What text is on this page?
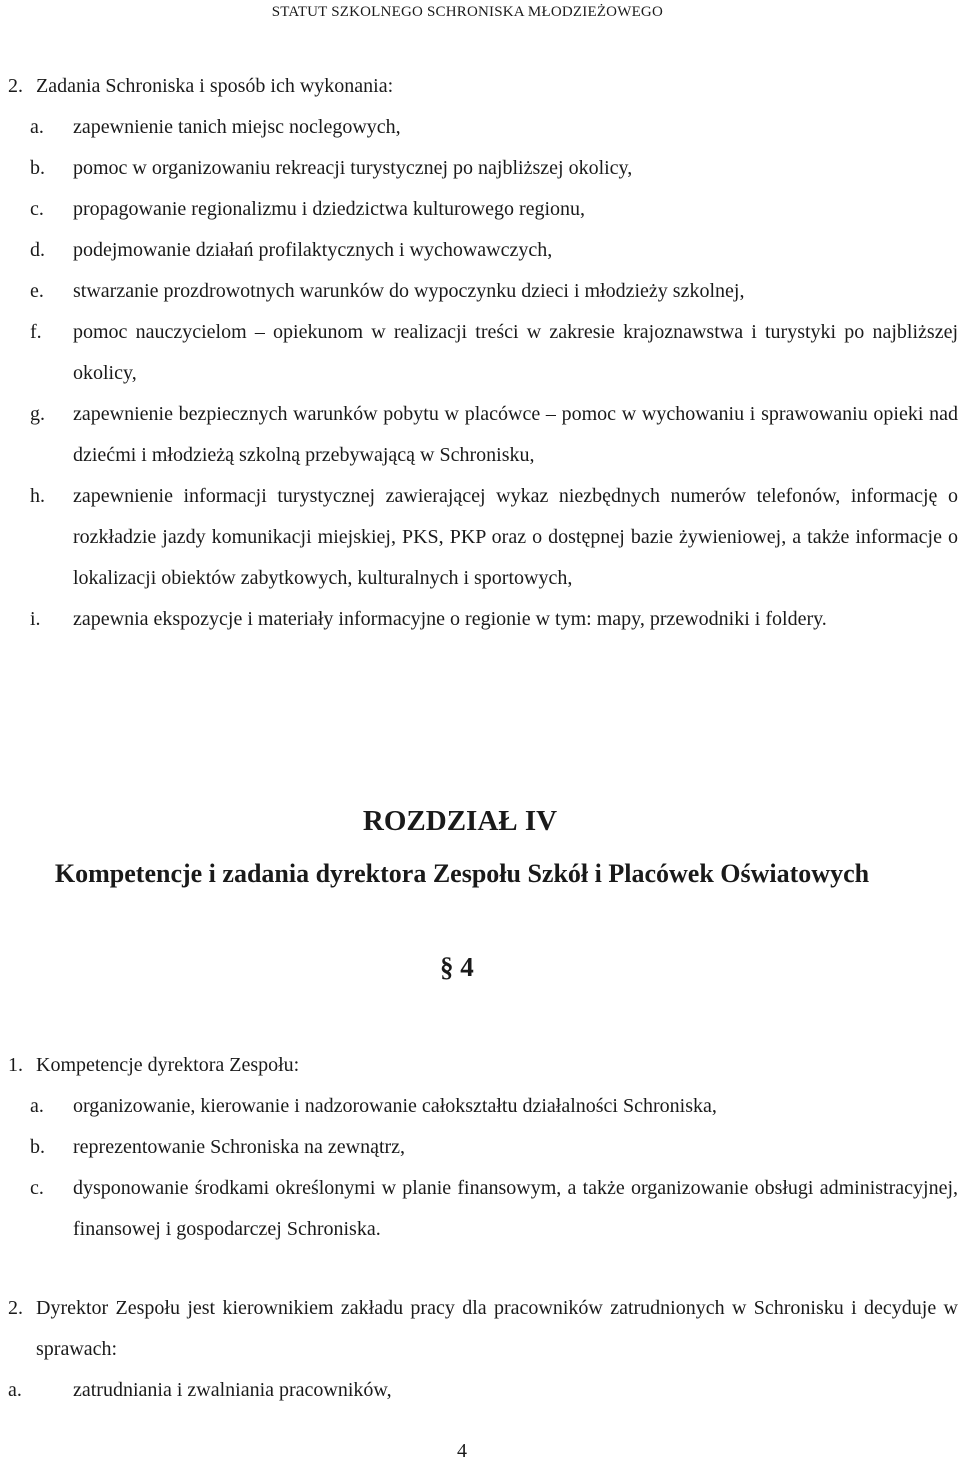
STATUT SZKOLNEGO SCHRONISKA MŁODZIEŻOWEGO
2. Zadania Schroniska i sposób ich wykonania:
a.	zapewnienie tanich miejsc noclegowych,
b.	pomoc w organizowaniu rekreacji turystycznej po najbliższej okolicy,
c.	propagowanie regionalizmu i dziedzictwa kulturowego regionu,
d.	podejmowanie działań profilaktycznych i wychowawczych,
e.	stwarzanie prozdrowotnych warunków do wypoczynku dzieci i młodzieży szkolnej,
f.	pomoc nauczycielom – opiekunom w realizacji treści w zakresie krajoznawstwa i turystyki po najbliższej okolicy,
g.	zapewnienie bezpiecznych warunków pobytu w placówce – pomoc w wychowaniu i sprawowaniu opieki nad dziećmi i młodzieżą szkolną przebywającą w Schronisku,
h.	zapewnienie informacji turystycznej zawierającej wykaz niezbędnych numerów telefonów, informację o rozkładzie jazdy komunikacji miejskiej, PKS, PKP oraz o dostępnej bazie żywieniowej, a także informacje o lokalizacji obiektów zabytkowych, kulturalnych i sportowych,
i.	zapewnia ekspozycje i materiały informacyjne o regionie w tym: mapy, przewodniki i foldery.
ROZDZIAŁ IV
Kompetencje i zadania dyrektora Zespołu Szkół i Placówek Oświatowych
§ 4
1. Kompetencje dyrektora Zespołu:
a.	organizowanie, kierowanie i nadzorowanie całokształtu działalności Schroniska,
b.	reprezentowanie Schroniska na zewnątrz,
c.	dysponowanie środkami określonymi w planie finansowym, a także organizowanie obsługi administracyjnej, finansowej i gospodarczej Schroniska.
2. Dyrektor Zespołu jest kierownikiem zakładu pracy dla pracowników zatrudnionych w Schronisku i decyduje w sprawach:
a.	zatrudniania i zwalniania pracowników,
4
